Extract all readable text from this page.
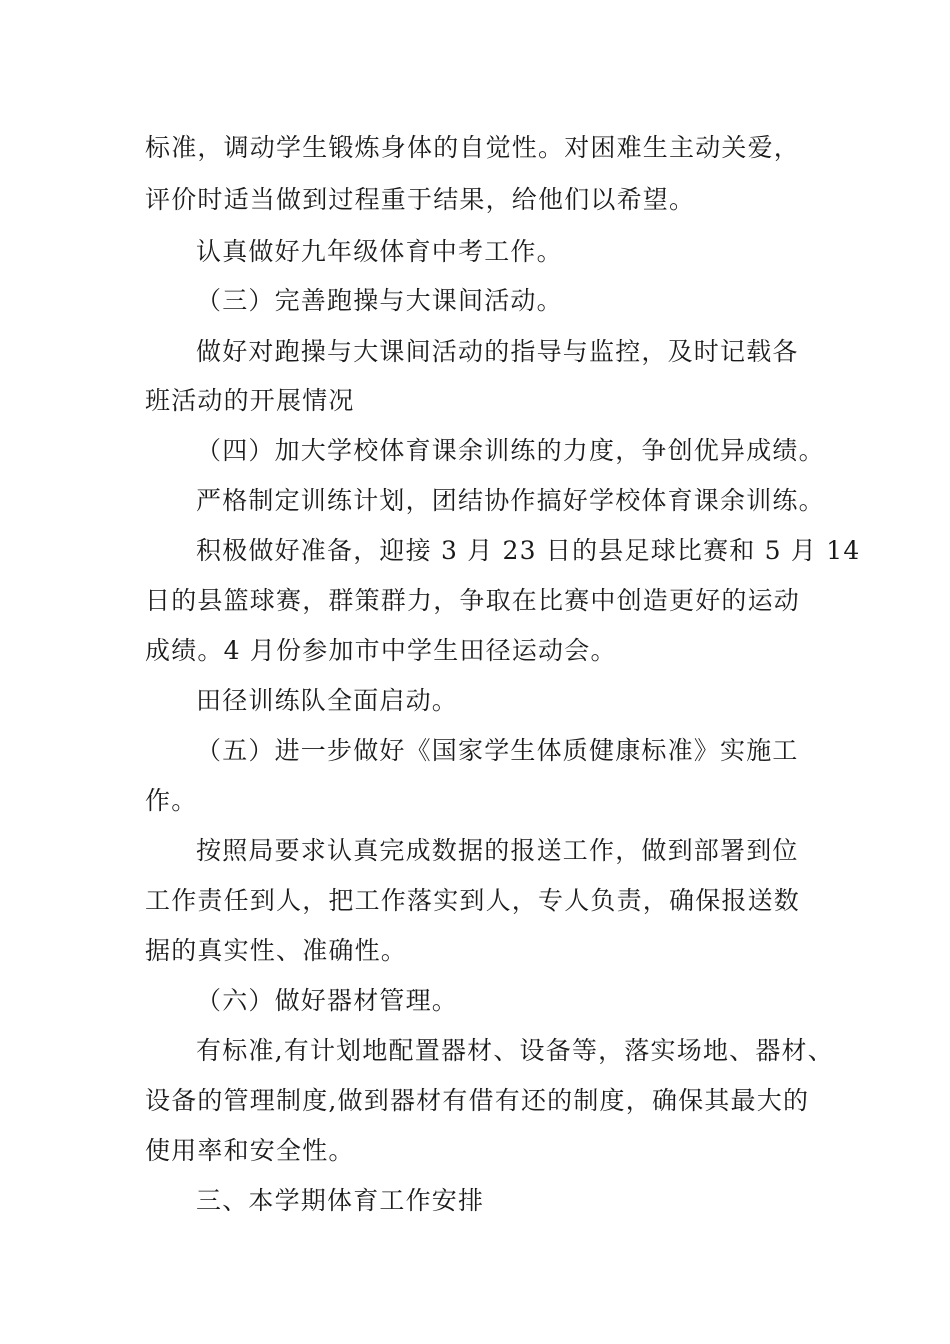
标准，调动学生锻炼身体的自觉性。对困难生主动关爱，
评价时适当做到过程重于结果，给他们以希望。
认真做好九年级体育中考工作。
（三）完善跑操与大课间活动。
做好对跑操与大课间活动的指导与监控，及时记载各
班活动的开展情况
（四）加大学校体育课余训练的力度，争创优异成绩。
严格制定训练计划，团结协作搞好学校体育课余训练。
积极做好准备，迎接 3 月 23 日的县足球比赛和 5 月 14
日的县篮球赛，群策群力，争取在比赛中创造更好的运动
成绩。4 月份参加市中学生田径运动会。
田径训练队全面启动。
（五）进一步做好《国家学生体质健康标准》实施工
作。
按照局要求认真完成数据的报送工作，做到部署到位
工作责任到人，把工作落实到人，专人负责，确保报送数
据的真实性、准确性。
（六）做好器材管理。
有标准,有计划地配置器材、设备等，落实场地、器材、
设备的管理制度,做到器材有借有还的制度，确保其最大的
使用率和安全性。
三、本学期体育工作安排
